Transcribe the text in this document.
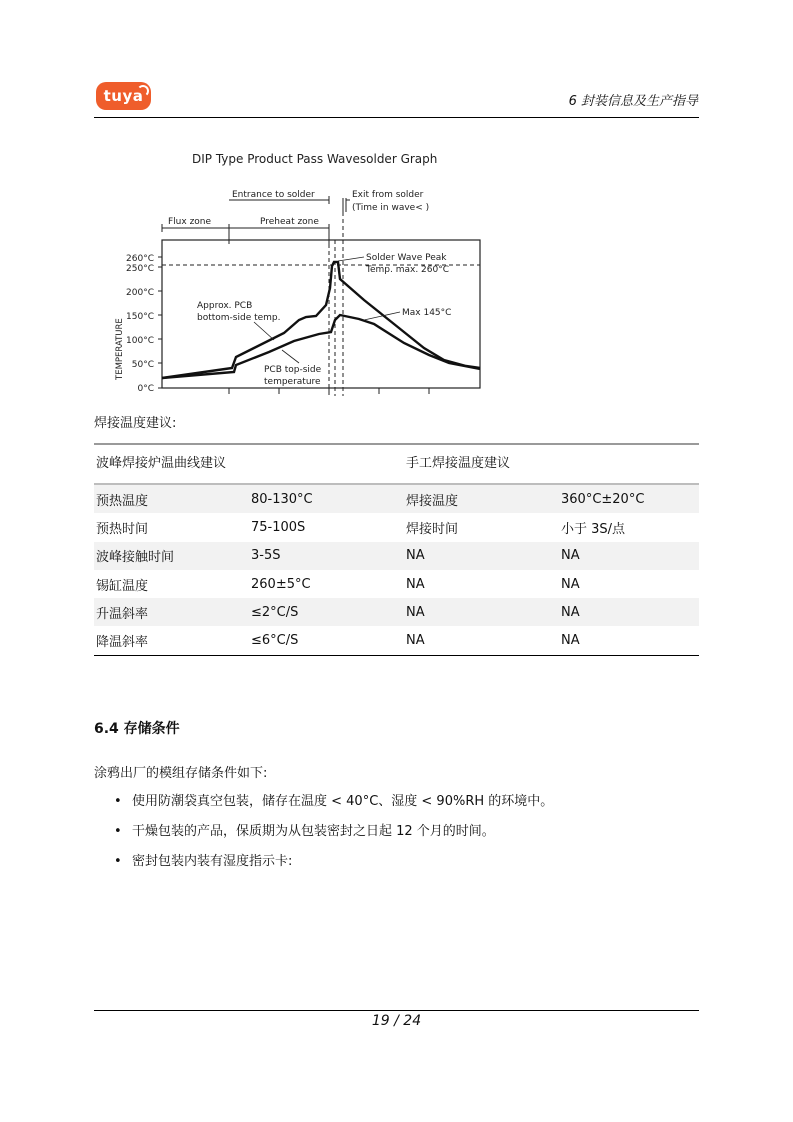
tuya	6 封装信息及生产指导
DIP Type Product Pass Wavesolder Graph
Entrance to solder	Exit from solder
(Time in wave< )
Flux zone	Preheat zone
TEMPERATURE
260°C
250°C
200°C
150°C
100°C
50°C
0°C
Solder Wave Peak
Temp. max. 260°C
Max 145°C
Approx. PCB
bottom-side temp.
PCB top-side
temperature
焊接温度建议:
波峰焊接炉温曲线建议		手工焊接温度建议	
预热温度	80-130°C	焊接温度	360°C±20°C
预热时间	75-100S	焊接时间	小于 3S/点
波峰接触时间	3-5S	NA	NA
锡缸温度	260±5°C	NA	NA
升温斜率	≤2°C/S	NA	NA
降温斜率	≤6°C/S	NA	NA
6.4 存储条件
涂鸦出厂的模组存储条件如下:
• 使用防潮袋真空包装，储存在温度 < 40°C、湿度 < 90%RH 的环境中。
• 干燥包装的产品，保质期为从包装密封之日起 12 个月的时间。
• 密封包装内装有湿度指示卡:
19 / 24
